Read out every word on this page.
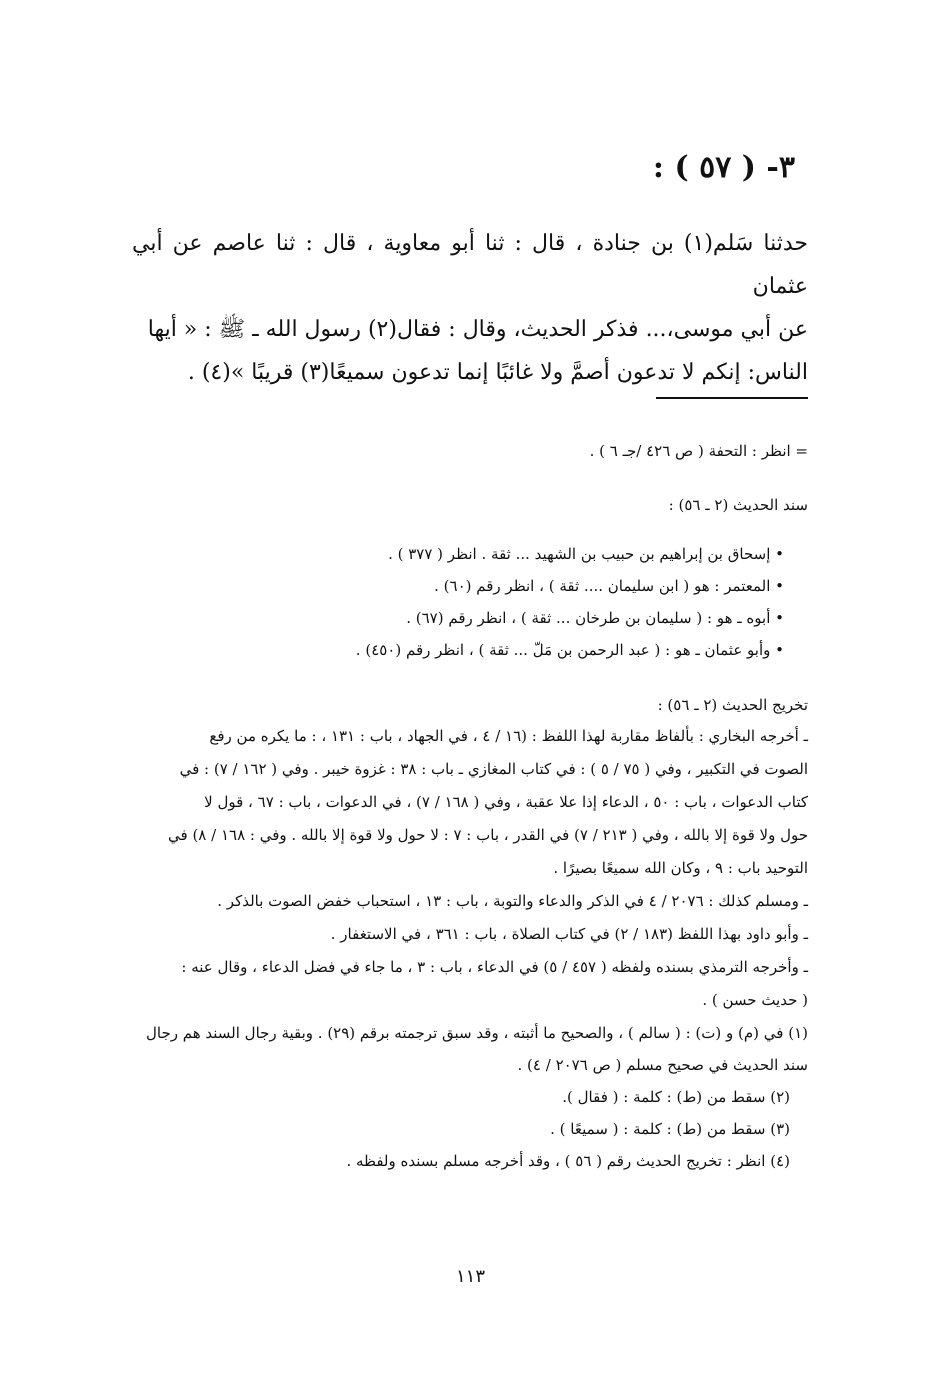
٣- ( ٥٧ ) :

حدثنا سَلم(١) بن جنادة ، قال : ثنا أبو معاوية ، قال : ثنا عاصم عن أبي عثمان

عن أبي موسى،... فذكر الحديث، وقال : فقال(٢) رسول الله ـ ﷺ : « أيها

الناس: إنكم لا تدعون أصمَّ ولا غائبًا إنما تدعون سميعًا(٣) قريبًا »(٤) .

= انظر : التحفة ( ص ٤٢٦ /جـ ٦ ) .

سند الحديث (٢ ـ ٥٦) :

• إسحاق بن إبراهيم بن حبيب بن الشهيد ... ثقة . انظر ( ٣٧٧ ) .
• المعتمر : هو ( ابن سليمان .... ثقة ) ، انظر رقم (٦٠) .
• أبوه ـ هو : ( سليمان بن طرخان ... ثقة ) ، انظر رقم (٦٧) .
• وأبو عثمان ـ هو : ( عبد الرحمن بن مَلّ ... ثقة ) ، انظر رقم (٤٥٠) .

تخريج الحديث (٢ ـ ٥٦) :

ـ أخرجه البخاري : بألفاظ مقاربة لهذا اللفظ : (١٦ / ٤ ، في الجهاد ، باب : ١٣١ ، : ما يكره من رفع

الصوت في التكبير ، وفي ( ٧٥ / ٥ ) : في كتاب المغازي ـ باب : ٣٨ : غزوة خيبر . وفي ( ١٦٢ / ٧) : في

كتاب الدعوات ، باب : ٥٠ ، الدعاء إذا علا عقبة ، وفي ( ١٦٨ / ٧) ، في الدعوات ، باب : ٦٧ ، قول لا

حول ولا قوة إلا بالله ، وفي ( ٢١٣ / ٧) في القدر ، باب : ٧ : لا حول ولا قوة إلا بالله . وفي : ١٦٨ / ٨) في

التوحيد باب : ٩ ، وكان الله سميعًا بصيرًا .

ـ ومسلم كذلك : ٢٠٧٦ / ٤ في الذكر والدعاء والتوبة ، باب : ١٣ ، استحباب خفض الصوت بالذكر .

ـ وأبو داود بهذا اللفظ (١٨٣ / ٢) في كتاب الصلاة ، باب : ٣٦١ ، في الاستغفار .

ـ وأخرجه الترمذي بسنده ولفظه ( ٤٥٧ / ٥) في الدعاء ، باب : ٣ ، ما جاء في فضل الدعاء ، وقال عنه :

( حديث حسن ) .

(١) في (م) و (ت) : ( سالم ) ، والصحيح ما أثبته ، وقد سبق ترجمته برقم (٢٩) . وبقية رجال السند هم رجال

سند الحديث في صحيح مسلم ( ص ٢٠٧٦ / ٤) .

(٢) سقط من (ط) : كلمة : ( فقال ).

(٣) سقط من (ط) : كلمة : ( سميعًا ) .

(٤) انظر : تخريج الحديث رقم ( ٥٦ ) ، وقد أخرجه مسلم بسنده ولفظه .

١١٣
